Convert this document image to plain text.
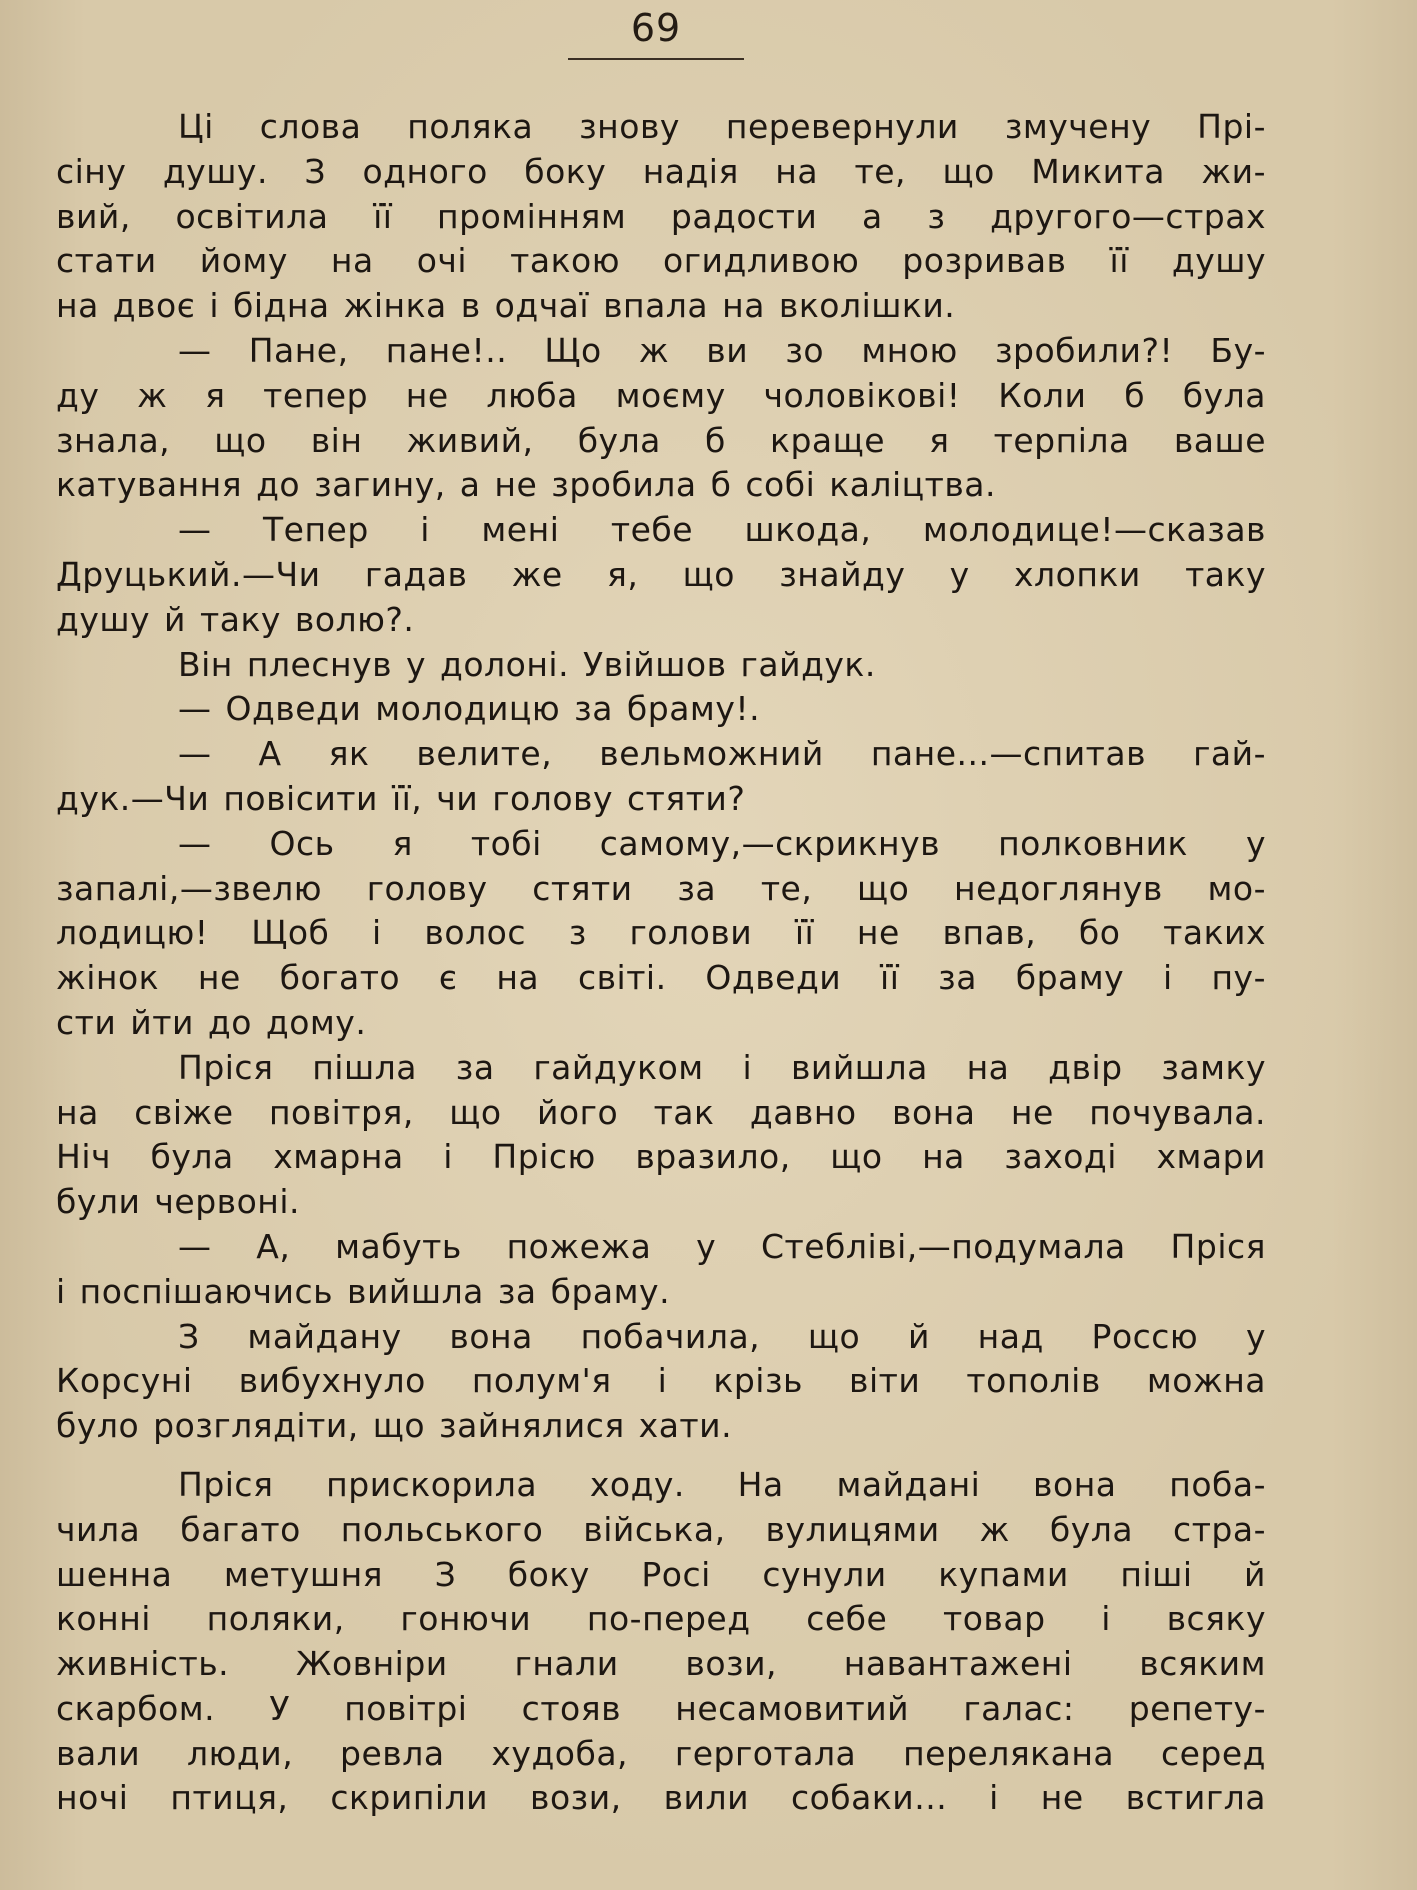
69
Ці слова поляка знову перевернули змучену Прі-
сіну душу. З одного боку надія на те, що Микита жи-
вий, освітила її промінням радости а з другого—страх
стати йому на очі такою огидливою розривав її душу
на двоє і бідна жінка в одчаї впала на вколішки.
— Пане, пане!.. Що ж ви зо мною зробили?! Бу-
ду ж я тепер не люба моєму чоловікові! Коли б була
знала, що він живий, була б краще я терпіла ваше
катування до загину, а не зробила б собі каліцтва.
— Тепер і мені тебе шкода, молодице!—сказав
Друцький.—Чи гадав же я, що знайду у хлопки таку
душу й таку волю?.
Він плеснув у долоні. Увійшов гайдук.
— Одведи молодицю за браму!.
— А як велите, вельможний пане...—спитав гай-
дук.—Чи повісити її, чи голову стяти?
— Ось я тобі самому,—скрикнув полковник у
запалі,—звелю голову стяти за те, що недоглянув мо-
лодицю! Щоб і волос з голови її не впав, бо таких
жінок не богато є на світі. Одведи її за браму і пу-
сти йти до дому.
Пріся пішла за гайдуком і вийшла на двір замку
на свіже повітря, що його так давно вона не почувала.
Ніч була хмарна і Прісю вразило, що на заході хмари
були червоні.
— А, мабуть пожежа у Стебліві,—подумала Пріся
і поспішаючись вийшла за браму.
З майдану вона побачила, що й над Россю у
Корсуні вибухнуло полум'я і крізь віти тополів можна
було розглядіти, що зайнялися хати.
Пріся прискорила ходу. На майдані вона поба-
чила багато польського війська, вулицями ж була стра-
шенна метушня З боку Росі сунули купами піші й
конні поляки, гонючи по-перед себе товар і всяку
живність. Жовніри гнали вози, навантажені всяким
скарбом. У повітрі стояв несамовитий галас: репету-
вали люди, ревла худоба, герготала перелякана серед
ночі птиця, скрипіли вози, вили собаки... і не встигла
